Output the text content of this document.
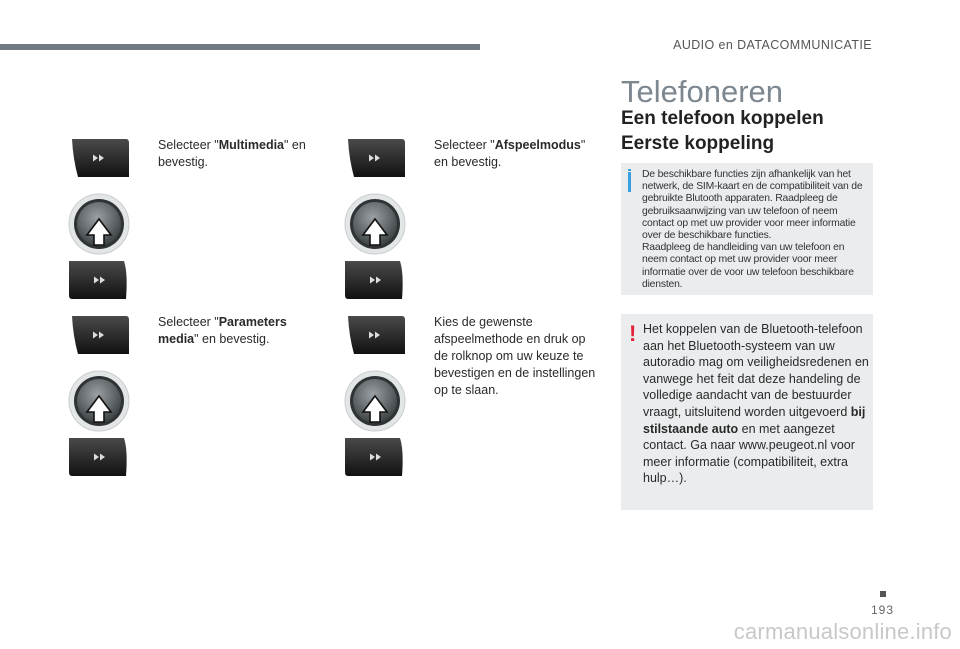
AUDIO en DATACOMMUNICATIE
Selecteer "Multimedia" en bevestig.
Selecteer "Parameters media" en bevestig.
Selecteer "Afspeelmodus" en bevestig.
Kies de gewenste afspeelmethode en druk op de rolknop om uw keuze te bevestigen en de instellingen op te slaan.
Telefoneren
Een telefoon koppelen
Eerste koppeling
De beschikbare functies zijn afhankelijk van het netwerk, de SIM-kaart en de compatibiliteit van de gebruikte Blutooth apparaten. Raadpleeg de gebruiksaanwijzing van uw telefoon of neem contact op met uw provider voor meer informatie over de beschikbare functies.
Raadpleeg de handleiding van uw telefoon en neem contact op met uw provider voor meer informatie over de voor uw telefoon beschikbare diensten.
! Het koppelen van de Bluetooth-telefoon aan het Bluetooth-systeem van uw autoradio mag om veiligheidsredenen en vanwege het feit dat deze handeling de volledige aandacht van de bestuurder vraagt, uitsluitend worden uitgevoerd bij stilstaande auto en met aangezet contact. Ga naar www.peugeot.nl voor meer informatie (compatibiliteit, extra hulp…).
193
carmanualsonline.info
